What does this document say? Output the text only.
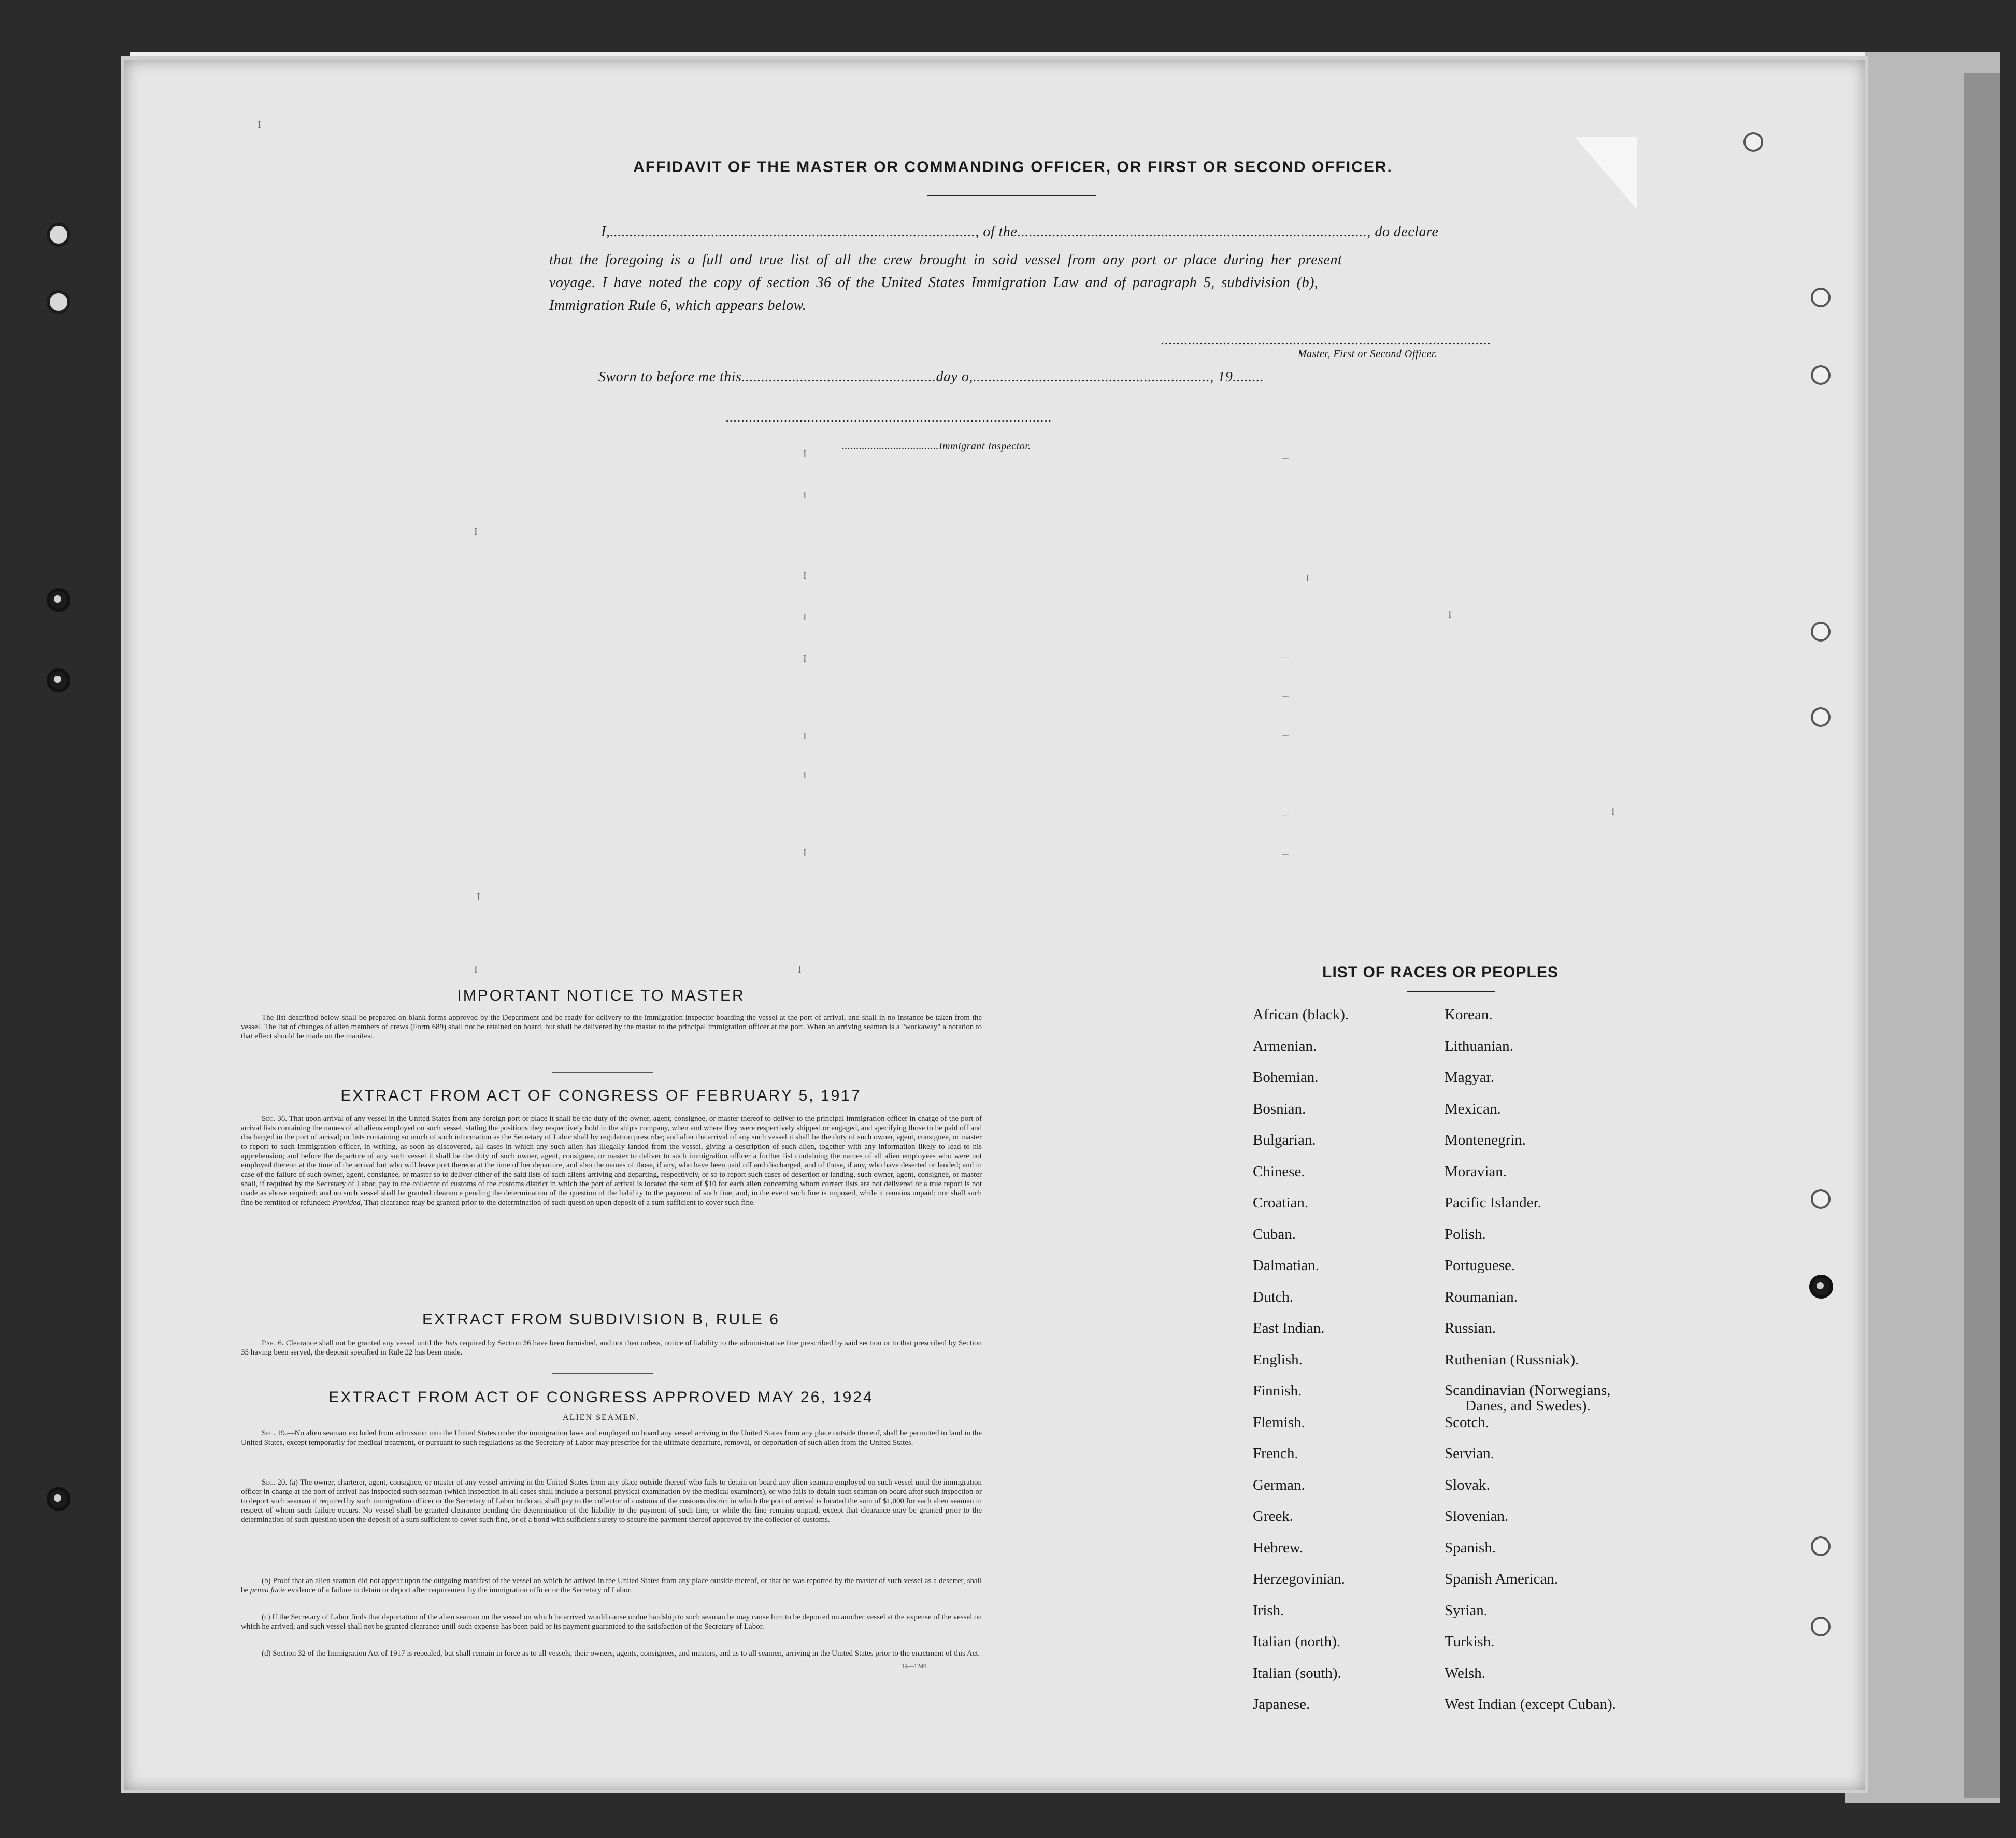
AFFIDAVIT OF THE MASTER OR COMMANDING OFFICER, OR FIRST OR SECOND OFFICER.
I,.............................................................................................., of the.........................................................................................., do declare
that the foregoing is a full and true list of all the crew brought in said vessel from any port or place during her present
voyage. I have noted the copy of section 36 of the United States Immigration Law and of paragraph 5, subdivision (b),
Immigration Rule 6, which appears below.
.....................................................................................
Master, First or Second Officer.
Sworn to before me this..................................................day o,............................................................., 19........
....................................................................................
..................................Immigrant Inspector.
I
I
I
I
I
I
I
I
I
I
I
I
I
I
I	I
–
–
–
–
–
–
IMPORTANT NOTICE TO MASTER
The list described below shall be prepared on blank forms approved by the Department and be ready for delivery to the immigration inspector boarding the vessel at the port of arrival, and shall in no instance be taken from the vessel. The list of changes of alien members of crews (Form 689) shall not be retained on board, but shall be delivered by the master to the principal immigration officer at the port. When an arriving seaman is a "workaway" a notation to that effect should be made on the manifest.
EXTRACT FROM ACT OF CONGRESS OF FEBRUARY 5, 1917
Sec. 36. That upon arrival of any vessel in the United States from any foreign port or place it shall be the duty of the owner, agent, consignee, or master thereof to deliver to the principal immigration officer in charge of the port of arrival lists containing the names of all aliens employed on such vessel, stating the positions they respectively hold in the ship's company, when and where they were respectively shipped or engaged, and specifying those to be paid off and discharged in the port of arrival; or lists containing so much of such information as the Secretary of Labor shall by regulation prescribe; and after the arrival of any such vessel it shall be the duty of such owner, agent, consignee, or master to report to such immigration officer, in writing, as soon as discovered, all cases in which any such alien has illegally landed from the vessel, giving a description of such alien, together with any information likely to lead to his apprehension; and before the departure of any such vessel it shall be the duty of such owner, agent, consignee, or master to deliver to such immigration officer a further list containing the names of all alien employees who were not employed thereon at the time of the arrival but who will leave port thereon at the time of her departure, and also the names of those, if any, who have been paid off and discharged, and of those, if any, who have deserted or landed; and in case of the failure of such owner, agent, consignee, or master so to deliver either of the said lists of such aliens arriving and departing, respectively, or so to report such cases of desertion or landing, such owner, agent, consignee, or master shall, if required by the Secretary of Labor, pay to the collector of customs of the customs district in which the port of arrival is located the sum of $10 for each alien concerning whom correct lists are not delivered or a true report is not made as above required; and no such vessel shall be granted clearance pending the determination of the question of the liability to the payment of such fine, and, in the event such fine is imposed, while it remains unpaid; nor shall such fine be remitted or refunded: Provided, That clearance may be granted prior to the determination of such question upon deposit of a sum sufficient to cover such fine.
EXTRACT FROM SUBDIVISION B, RULE 6
Par. 6. Clearance shall not be granted any vessel until the lists required by Section 36 have been furnished, and not then unless, notice of liability to the administrative fine prescribed by said section or to that prescribed by Section 35 having been served, the deposit specified in Rule 22 has been made.
EXTRACT FROM ACT OF CONGRESS APPROVED MAY 26, 1924
ALIEN SEAMEN.
Sec. 19.—No alien seaman excluded from admission into the United States under the immigration laws and employed on board any vessel arriving in the United States from any place outside thereof, shall be permitted to land in the United States, except temporarily for medical treatment, or pursuant to such regulations as the Secretary of Labor may prescribe for the ultimate departure, removal, or deportation of such alien from the United States.
Sec. 20. (a) The owner, charterer, agent, consignee, or master of any vessel arriving in the United States from any place outside thereof who fails to detain on board any alien seaman employed on such vessel until the immigration officer in charge at the port of arrival has inspected such seaman (which inspection in all cases shall include a personal physical examination by the medical examiners), or who fails to detain such seaman on board after such inspection or to deport such seaman if required by such immigration officer or the Secretary of Labor to do so, shall pay to the collector of customs of the customs district in which the port of arrival is located the sum of $1,000 for each alien seaman in respect of whom such failure occurs. No vessel shall be granted clearance pending the determination of the liability to the payment of such fine, or while the fine remains unpaid, except that clearance may be granted prior to the determination of such question upon the deposit of a sum sufficient to cover such fine, or of a bond with sufficient surety to secure the payment thereof approved by the collector of customs.
(b) Proof that an alien seaman did not appear upon the outgoing manifest of the vessel on which he arrived in the United States from any place outside thereof, or that he was reported by the master of such vessel as a deserter, shall be prima facie evidence of a failure to detain or deport after requirement by the immigration officer or the Secretary of Labor.
(c) If the Secretary of Labor finds that deportation of the alien seaman on the vessel on which he arrived would cause undue hardship to such seaman he may cause him to be deported on another vessel at the expense of the vessel on which he arrived, and such vessel shall not be granted clearance until such expense has been paid or its payment guaranteed to the satisfaction of the Secretary of Labor.
(d) Section 32 of the Immigration Act of 1917 is repealed, but shall remain in force as to all vessels, their owners, agents, consignees, and masters, and as to all seamen, arriving in the United States prior to the enactment of this Act.
14—1246
LIST OF RACES OR PEOPLES
African (black).
Armenian.
Bohemian.
Bosnian.
Bulgarian.
Chinese.
Croatian.
Cuban.
Dalmatian.
Dutch.
East Indian.
English.
Finnish.
Flemish.
French.
German.
Greek.
Hebrew.
Herzegovinian.
Irish.
Italian (north).
Italian (south).
Japanese.
Korean.
Lithuanian.
Magyar.
Mexican.
Montenegrin.
Moravian.
Pacific Islander.
Polish.
Portuguese.
Roumanian.
Russian.
Ruthenian (Russniak).
Scandinavian (Norwegians,
Danes, and Swedes).
Scotch.
Servian.
Slovak.
Slovenian.
Spanish.
Spanish American.
Syrian.
Turkish.
Welsh.
West Indian (except Cuban).
